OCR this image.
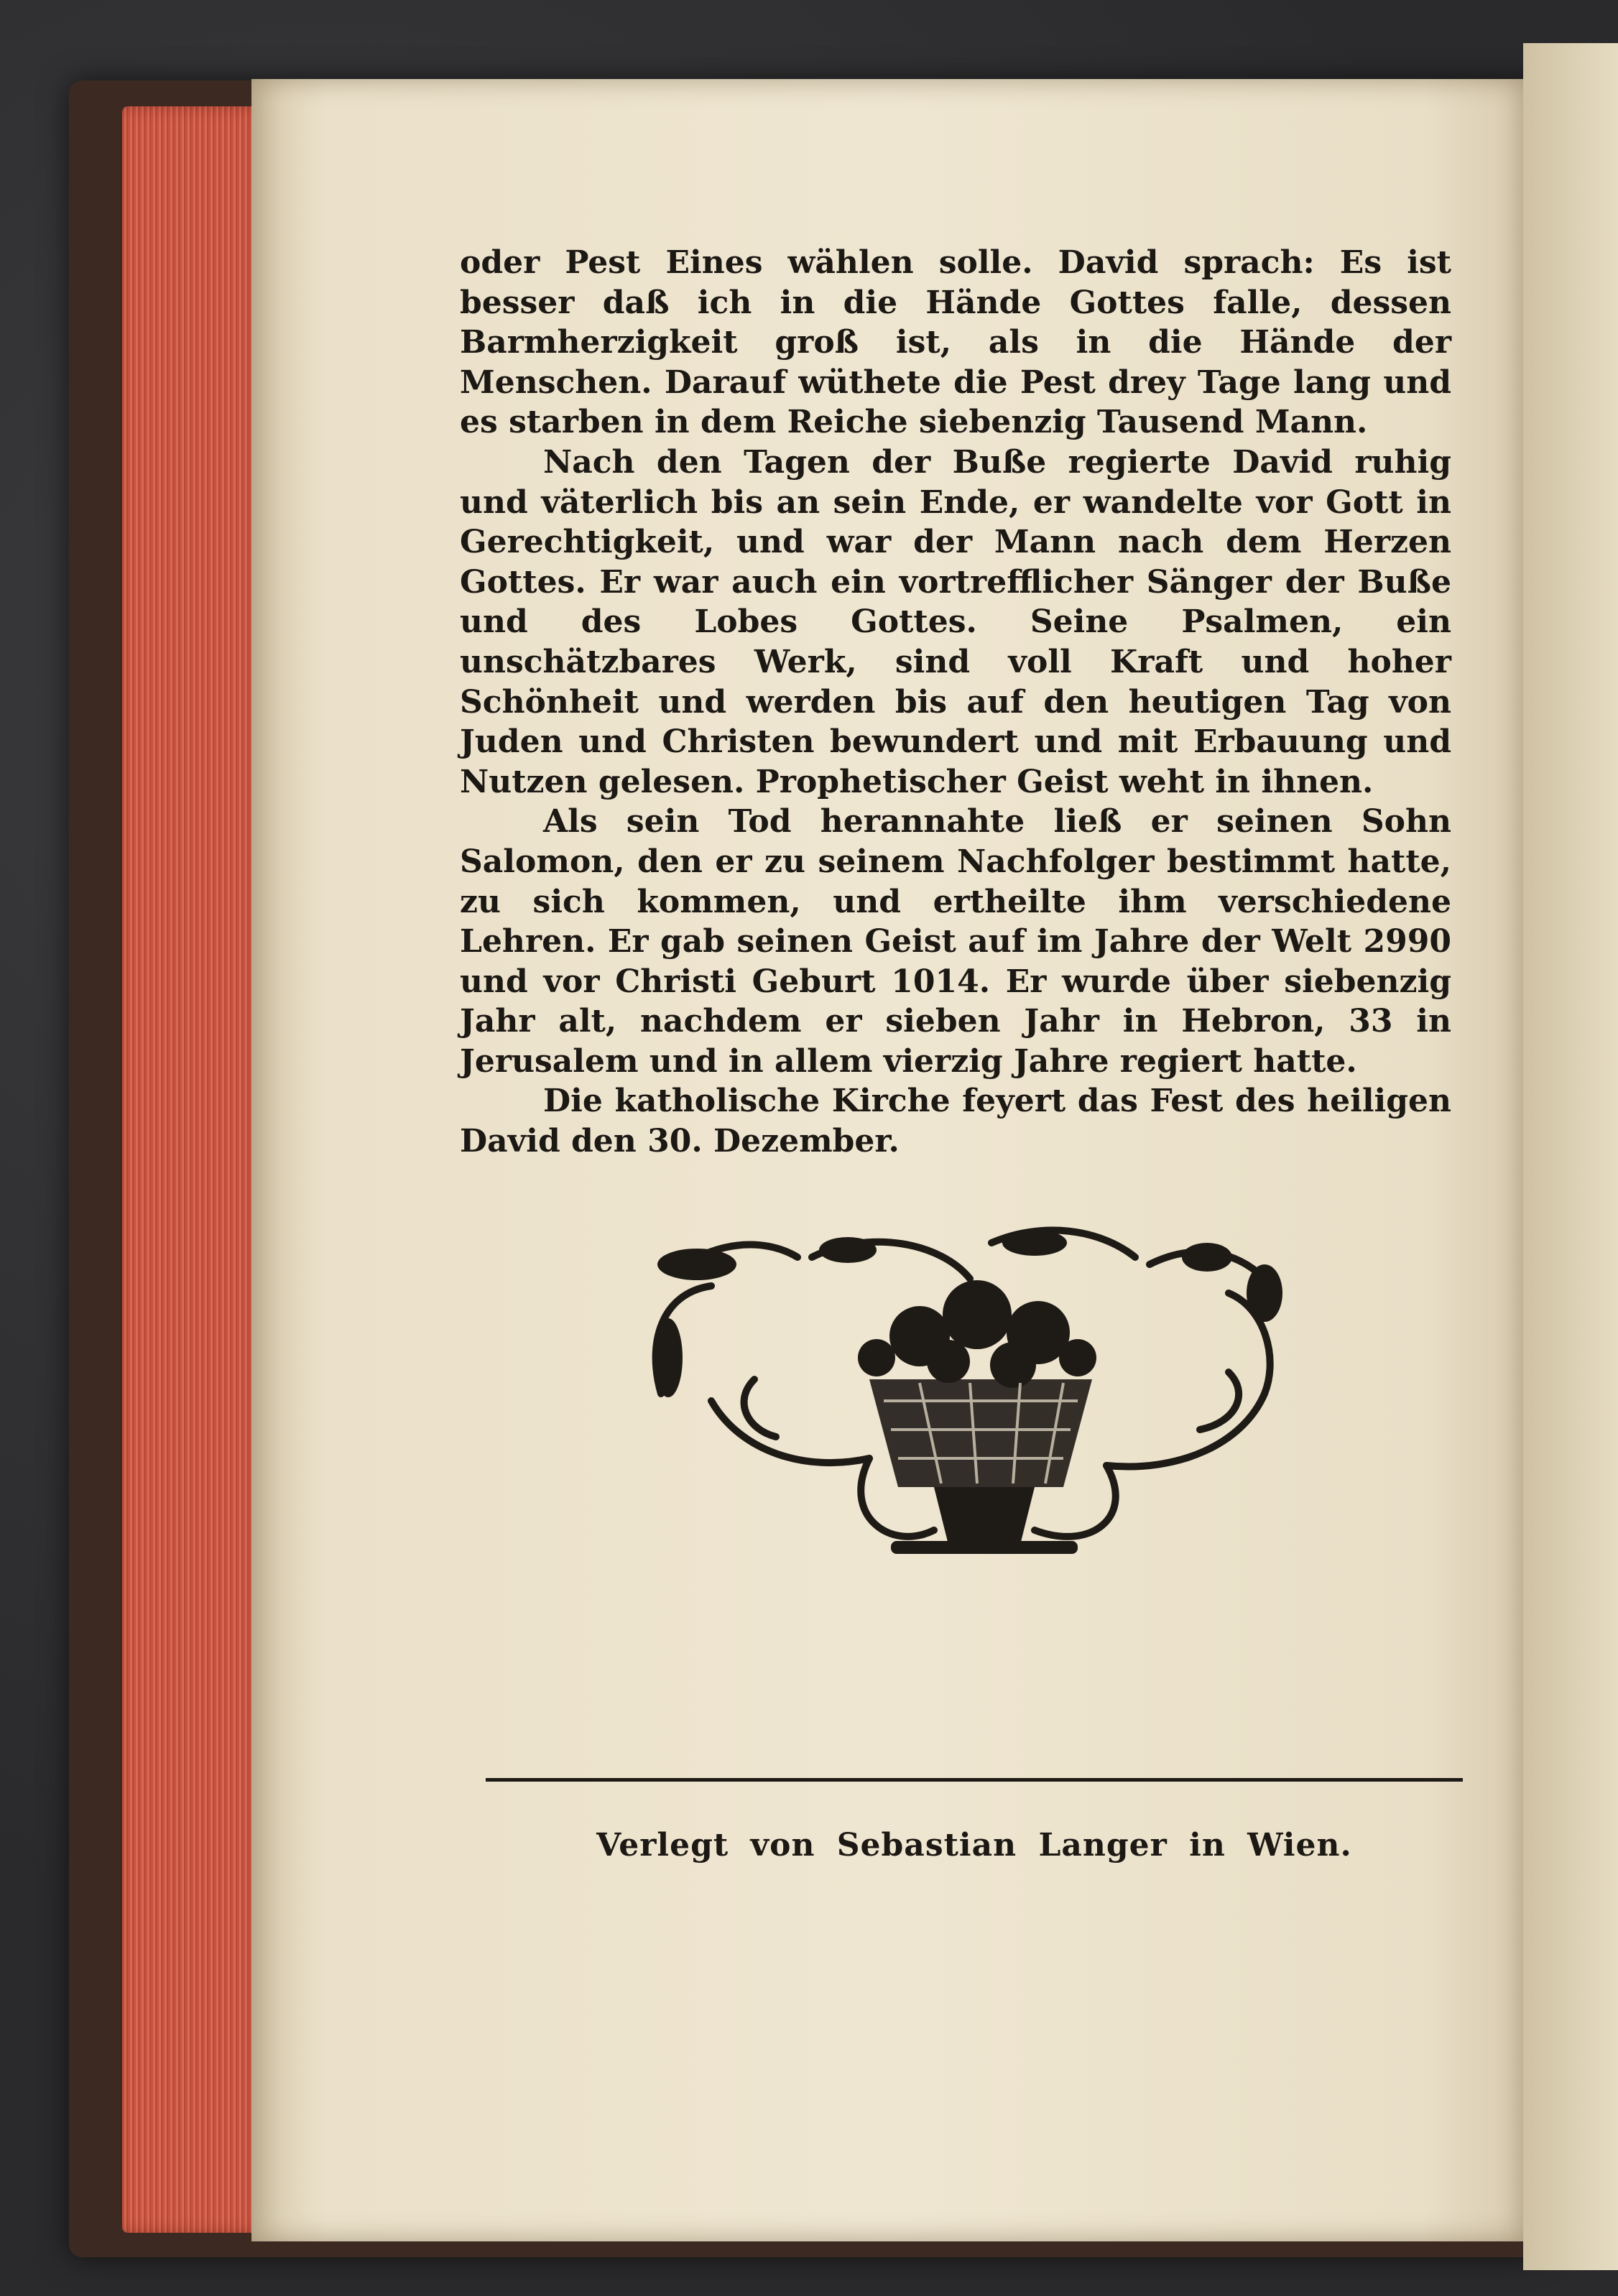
oder Pest Eines wählen solle. David sprach: Es ist besser daß ich in die Hände Gottes falle, dessen Barmherzigkeit groß ist, als in die Hände der Menschen. Darauf wüthete die Pest drey Tage lang und es starben in dem Reiche siebenzig Tausend Mann.

Nach den Tagen der Buße regierte David ruhig und väterlich bis an sein Ende, er wandelte vor Gott in Gerechtigkeit, und war der Mann nach dem Herzen Gottes. Er war auch ein vortrefflicher Sänger der Buße und des Lobes Gottes. Seine Psalmen, ein unschätzbares Werk, sind voll Kraft und hoher Schönheit und werden bis auf den heutigen Tag von Juden und Christen bewundert und mit Erbauung und Nutzen gelesen. Prophetischer Geist weht in ihnen.

Als sein Tod herannahte ließ er seinen Sohn Salomon, den er zu seinem Nachfolger bestimmt hatte, zu sich kommen, und ertheilte ihm verschiedene Lehren. Er gab seinen Geist auf im Jahre der Welt 2990 und vor Christi Geburt 1014. Er wurde über siebenzig Jahr alt, nachdem er sieben Jahr in Hebron, 33 in Jerusalem und in allem vierzig Jahre regiert hatte.

Die katholische Kirche feyert das Fest des heiligen David den 30. Dezember.

Verlegt von Sebastian Langer in Wien.
